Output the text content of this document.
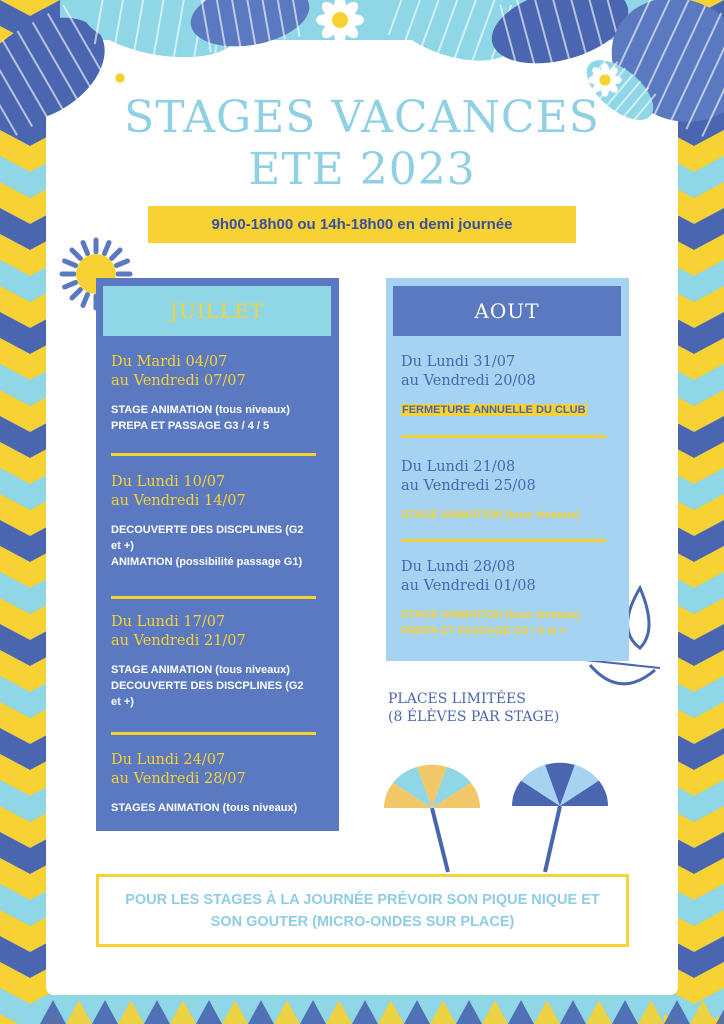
STAGES VACANCES
ETE 2023
9h00-18h00 ou 14h-18h00 en demi journée
JUILLET
Du Mardi 04/07
au Vendredi 07/07
STAGE ANIMATION (tous niveaux)
PREPA ET PASSAGE G3 / 4 / 5
Du Lundi 10/07
au Vendredi 14/07
DECOUVERTE DES DISCPLINES (G2
et +)
ANIMATION (possibilité passage G1)
Du Lundi 17/07
au Vendredi 21/07
STAGE ANIMATION (tous niveaux)
DECOUVERTE DES DISCPLINES (G2
et +)
Du Lundi 24/07
au Vendredi 28/07
STAGES ANIMATION (tous niveaux)
AOUT
Du Lundi 31/07
au Vendredi 20/08
FERMETURE ANNUELLE DU CLUB
Du Lundi 21/08
au Vendredi 25/08
STAGE ANIMATION (tous niveaux)
Du Lundi 28/08
au Vendredi 01/08
STAGE ANIMATION (tous niveaux)
PREPA ET PASSAGE G3 / 4 et +
PLACES LIMITÉES
(8 ÉLÈVES PAR STAGE)
POUR LES STAGES À LA JOURNÉE PRÉVOIR SON PIQUE NIQUE ET SON GOUTER (MICRO-ONDES SUR PLACE)
